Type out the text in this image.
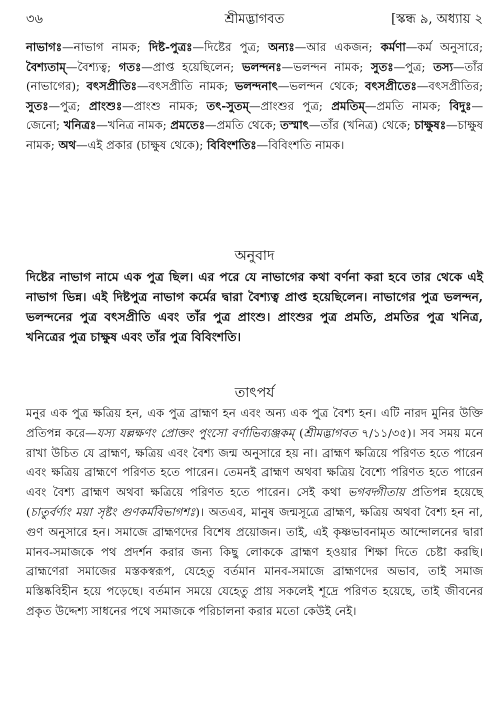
৩৬	শ্রীমদ্ভাগবত	[স্কন্ধ ৯, অধ্যায় ২
নাভাগঃ—নাভাগ নামক; দিষ্ট-পুত্রঃ—দিষ্টের পুত্র; অন্যঃ—আর একজন; কর্মণা—কর্ম অনুসারে; বৈশ্যতাম্—বৈশ্যত্ব; গতঃ—প্রাপ্ত হয়েছিলেন; ভলন্দনঃ—ভলন্দন নামক; সুতঃ—পুত্র; তস্য—তাঁর (নাভাগের); বৎসপ্রীতিঃ—বৎসপ্রীতি নামক; ভলন্দনাৎ—ভলন্দন থেকে; বৎসপ্রীতেঃ—বৎসপ্রীতির; সুতঃ—পুত্র; প্রাংশুঃ—প্রাংশু নামক; তৎ-সুতম্—প্রাংশুর পুত্র; প্রমতিম্—প্রমতি নামক; বিদুঃ—জেনো; খনিত্রঃ—খনিত্র নামক; প্রমতেঃ—প্রমতি থেকে; তস্মাৎ—তাঁর (খনিত্র) থেকে; চাক্ষুষঃ—চাক্ষুষ নামক; অথ—এই প্রকার (চাক্ষুষ থেকে); বিবিংশতিঃ—বিবিংশতি নামক।
অনুবাদ
দিষ্টের নাভাগ নামে এক পুত্র ছিল। এর পরে যে নাভাগের কথা বর্ণনা করা হবে তার থেকে এই নাভাগ ভিন্ন। এই দিষ্টপুত্র নাভাগ কর্মের দ্বারা বৈশ্যত্ব প্রাপ্ত হয়েছিলেন। নাভাগের পুত্র ভলন্দন, ভলন্দনের পুত্র বৎসপ্রীতি এবং তাঁর পুত্র প্রাংশু। প্রাংশুর পুত্র প্রমতি, প্রমতির পুত্র খনিত্র, খনিত্রের পুত্র চাক্ষুষ এবং তাঁর পুত্র বিবিংশতি।
তাৎপর্য
মনুর এক পুত্র ক্ষত্রিয় হন, এক পুত্র ব্রাহ্মণ হন এবং অন্য এক পুত্র বৈশ্য হন। এটি নারদ মুনির উক্তি প্রতিপন্ন করে—যস্য যল্লক্ষণং প্রোক্তং পুংসো বর্ণাভিব্যঞ্জকম্ (শ্রীমদ্ভাগবত ৭/১১/৩৫)। সব সময় মনে রাখা উচিত যে ব্রাহ্মণ, ক্ষত্রিয় এবং বৈশ্য জন্ম অনুসারে হয় না। ব্রাহ্মণ ক্ষত্রিয়ে পরিণত হতে পারেন এবং ক্ষত্রিয় ব্রাহ্মণে পরিণত হতে পারেন। তেমনই ব্রাহ্মণ অথবা ক্ষত্রিয় বৈশ্যে পরিণত হতে পারেন এবং বৈশ্য ব্রাহ্মণ অথবা ক্ষত্রিয়ে পরিণত হতে পারেন। সেই কথা ভগবদ্গীতায় প্রতিপন্ন হয়েছে (চাতুর্বর্ণ্যং ময়া সৃষ্টং গুণকর্মবিভাগশঃ)। অতএব, মানুষ জন্মসূত্রে ব্রাহ্মণ, ক্ষত্রিয় অথবা বৈশ্য হন না, গুণ অনুসারে হন। সমাজে ব্রাহ্মণদের বিশেষ প্রয়োজন। তাই, এই কৃষ্ণভাবনামৃত আন্দোলনের দ্বারা মানব-সমাজকে পথ প্রদর্শন করার জন্য কিছু লোককে ব্রাহ্মণ হওয়ার শিক্ষা দিতে চেষ্টা করছি। ব্রাহ্মণেরা সমাজের মস্তকস্বরূপ, যেহেতু বর্তমান মানব-সমাজে ব্রাহ্মণদের অভাব, তাই সমাজ মস্তিষ্কবিহীন হয়ে পড়েছে। বর্তমান সময়ে যেহেতু প্রায় সকলেই শূদ্রে পরিণত হয়েছে, তাই জীবনের প্রকৃত উদ্দেশ্য সাধনের পথে সমাজকে পরিচালনা করার মতো কেউই নেই।
